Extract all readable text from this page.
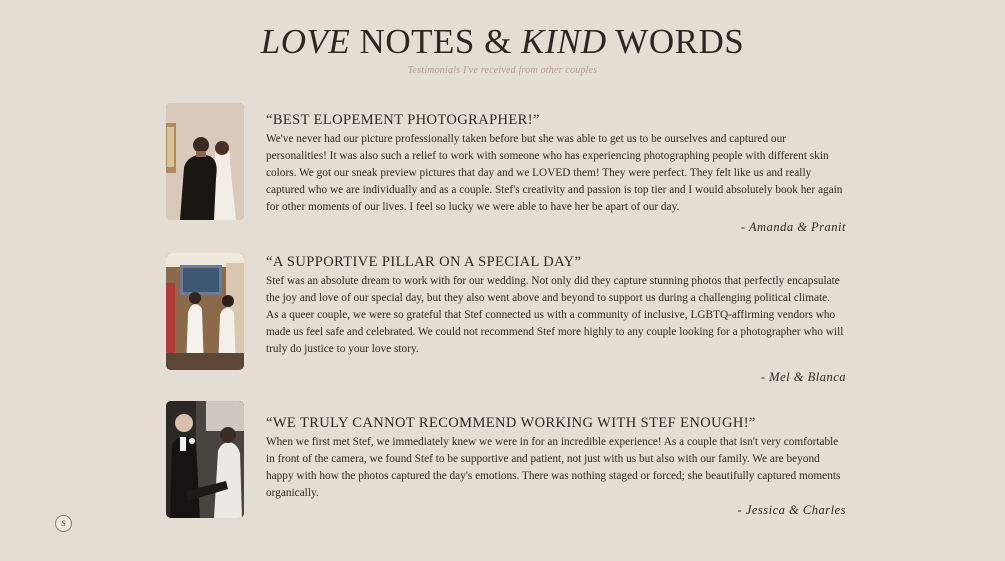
LOVE NOTES & KIND WORDS

Testimonials I've received from other couples

“BEST ELOPEMENT PHOTOGRAPHER!”

We've never had our picture professionally taken before but she was able to get us to be ourselves and captured our personalities! It was also such a relief to work with someone who has experiencing photographing people with different skin colors. We got our sneak preview pictures that day and we LOVED them! They were perfect. They felt like us and really captured who we are individually and as a couple. Stef's creativity and passion is top tier and I would absolutely book her again for other moments of our lives. I feel so lucky we were able to have her be apart of our day.

- Amanda & Pranit
“A SUPPORTIVE PILLAR ON A SPECIAL DAY”

Stef was an absolute dream to work with for our wedding. Not only did they capture stunning photos that perfectly encapsulate the joy and love of our special day, but they also went above and beyond to support us during a challenging political climate. As a queer couple, we were so grateful that Stef connected us with a community of inclusive, LGBTQ-affirming vendors who made us feel safe and celebrated. We could not recommend Stef more highly to any couple looking for a photographer who will truly do justice to your love story.

- Mel & Blanca
“WE TRULY CANNOT RECOMMEND WORKING WITH STEF ENOUGH!”

When we first met Stef, we immediately knew we were in for an incredible experience! As a couple that isn't very comfortable in front of the camera, we found Stef to be supportive and patient, not just with us but also with our family. We are beyond happy with how the photos captured the day's emotions. There was nothing staged or forced; she beautifully captured moments organically.

- Jessica & Charles
S
